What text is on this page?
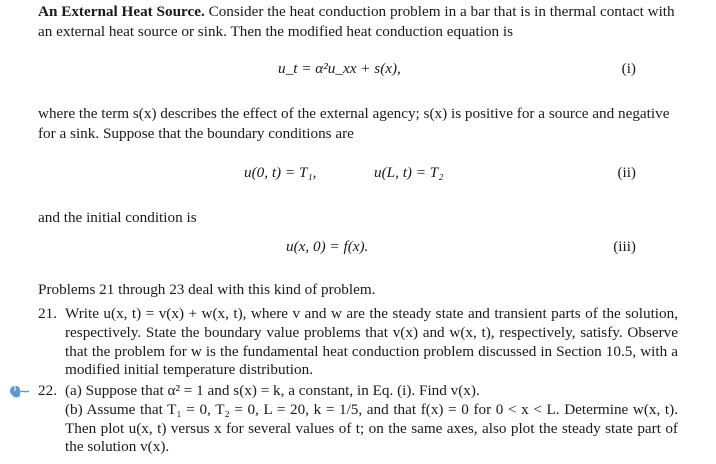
An External Heat Source. Consider the heat conduction problem in a bar that is in thermal contact with an external heat source or sink. Then the modified heat conduction equation is
u_t = α²u_xx + s(x),	(i)
where the term s(x) describes the effect of the external agency; s(x) is positive for a source and negative for a sink. Suppose that the boundary conditions are
u(0, t) = T₁,	u(L, t) = T₂	(ii)
and the initial condition is
u(x, 0) = f(x).	(iii)
Problems 21 through 23 deal with this kind of problem.
21. Write u(x, t) = v(x) + w(x, t), where v and w are the steady state and transient parts of the solution, respectively. State the boundary value problems that v(x) and w(x, t), respectively, satisfy. Observe that the problem for w is the fundamental heat conduction problem discussed in Section 10.5, with a modified initial temperature distribution.
22. (a) Suppose that α² = 1 and s(x) = k, a constant, in Eq. (i). Find v(x).
(b) Assume that T₁ = 0, T₂ = 0, L = 20, k = 1/5, and that f(x) = 0 for 0 < x < L. Determine w(x, t). Then plot u(x, t) versus x for several values of t; on the same axes, also plot the steady state part of the solution v(x).
